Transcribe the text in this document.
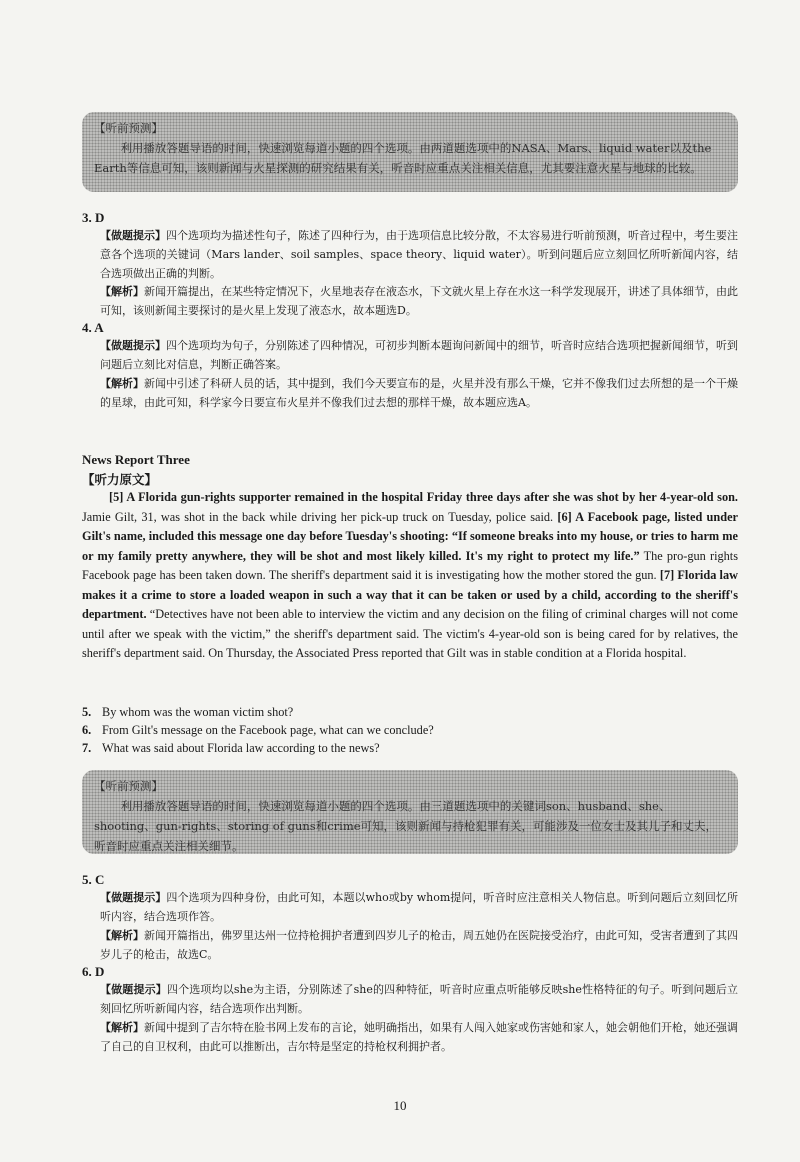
【听前预测】
利用播放答题导语的时间，快速浏览每道小题的四个选项。由两道题选项中的NASA、Mars、liquid water以及the Earth等信息可知，该则新闻与火星探测的研究结果有关，听音时应重点关注相关信息，尤其要注意火星与地球的比较。
3. D

【做题提示】四个选项均为描述性句子，陈述了四种行为，由于选项信息比较分散，不太容易进行听前预测，听音过程中，考生要注意各个选项的关键词（Mars lander、soil samples、space theory、liquid water）。听到问题后应立刻回忆所听新闻内容，结合选项做出正确的判断。

【解析】新闻开篇提出，在某些特定情况下，火星地表存在液态水，下文就火星上存在水这一科学发现展开，讲述了具体细节，由此可知，该则新闻主要探讨的是火星上发现了液态水，故本题选D。

4. A

【做题提示】四个选项均为句子，分别陈述了四种情况，可初步判断本题询问新闻中的细节，听音时应结合选项把握新闻细节，听到问题后立刻比对信息，判断正确答案。

【解析】新闻中引述了科研人员的话，其中提到，我们今天要宣布的是，火星并没有那么干燥，它并不像我们过去所想的是一个干燥的星球，由此可知，科学家今日要宣布火星并不像我们过去想的那样干燥，故本题应选A。

News Report Three
【听力原文】

[5] A Florida gun-rights supporter remained in the hospital Friday three days after she was shot by her 4-year-old son. Jamie Gilt, 31, was shot in the back while driving her pick-up truck on Tuesday, police said. [6] A Facebook page, listed under Gilt's name, included this message one day before Tuesday's shooting: “If someone breaks into my house, or tries to harm me or my family pretty anywhere, they will be shot and most likely killed. It's my right to protect my life.” The pro-gun rights Facebook page has been taken down. The sheriff's department said it is investigating how the mother stored the gun. [7] Florida law makes it a crime to store a loaded weapon in such a way that it can be taken or used by a child, according to the sheriff's department. “Detectives have not been able to interview the victim and any decision on the filing of criminal charges will not come until after we speak with the victim,” the sheriff's department said. The victim's 4-year-old son is being cared for by relatives, the sheriff's department said. On Thursday, the Associated Press reported that Gilt was in stable condition at a Florida hospital.

5. By whom was the woman victim shot?
6. From Gilt's message on the Facebook page, what can we conclude?
7. What was said about Florida law according to the news?
【听前预测】
利用播放答题导语的时间，快速浏览每道小题的四个选项。由三道题选项中的关键词son、husband、she、shooting、gun-rights、storing of guns和crime可知，该则新闻与持枪犯罪有关，可能涉及一位女士及其儿子和丈夫，听音时应重点关注相关细节。
5. C

【做题提示】四个选项为四种身份，由此可知，本题以who或by whom提问，听音时应注意相关人物信息。听到问题后立刻回忆所听内容，结合选项作答。

【解析】新闻开篇指出，佛罗里达州一位持枪拥护者遭到四岁儿子的枪击，周五她仍在医院接受治疗，由此可知，受害者遭到了其四岁儿子的枪击，故选C。

6. D

【做题提示】四个选项均以she为主语，分别陈述了she的四种特征，听音时应重点听能够反映she性格特征的句子。听到问题后立刻回忆所听新闻内容，结合选项作出判断。

【解析】新闻中提到了吉尔特在脸书网上发布的言论，她明确指出，如果有人闯入她家或伤害她和家人，她会朝他们开枪，她还强调了自己的自卫权利，由此可以推断出，吉尔特是坚定的持枪权利拥护者。

10
